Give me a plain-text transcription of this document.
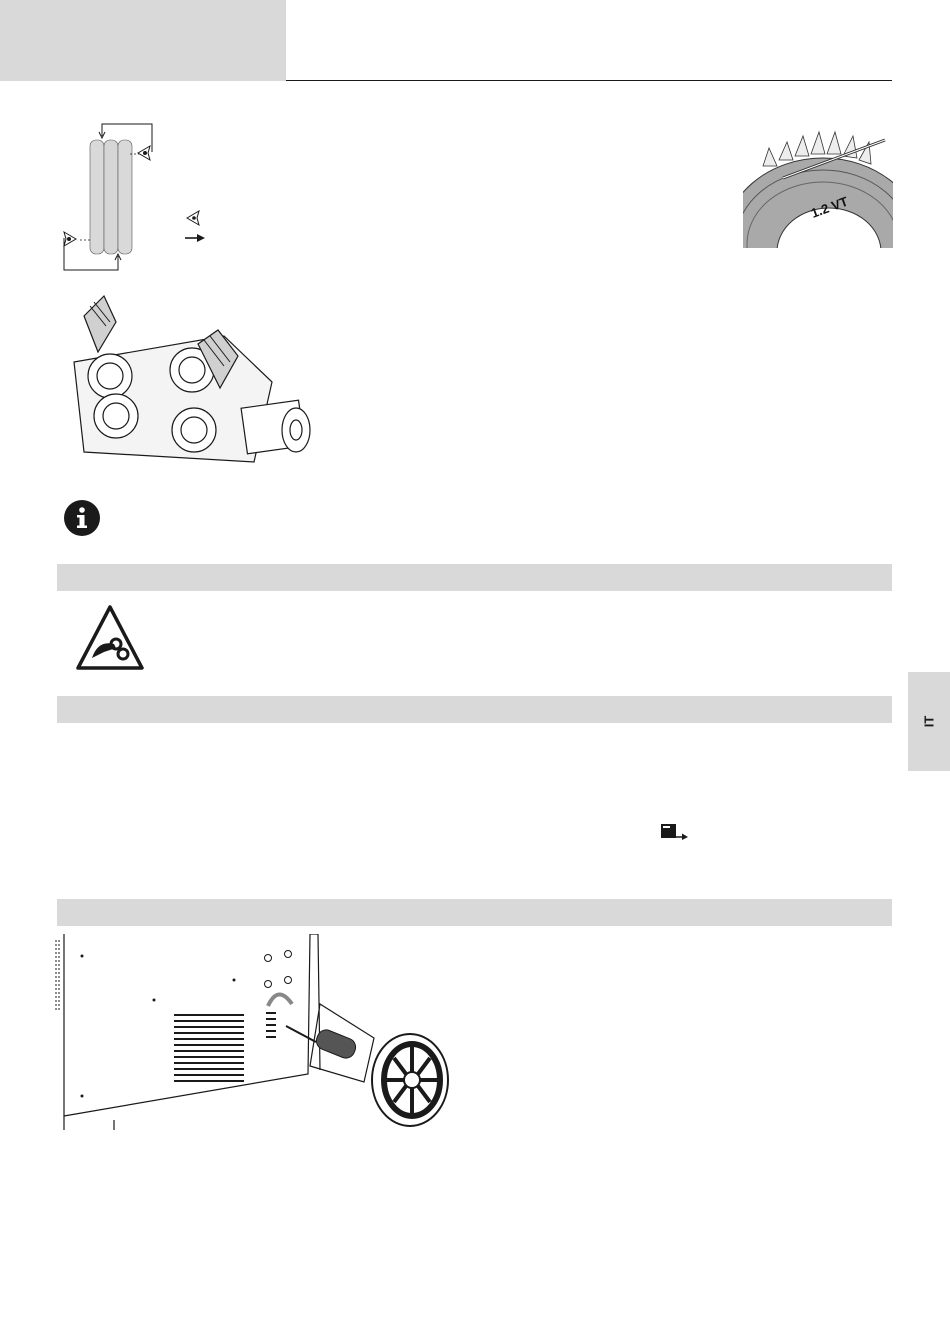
1.2 VT
IT
